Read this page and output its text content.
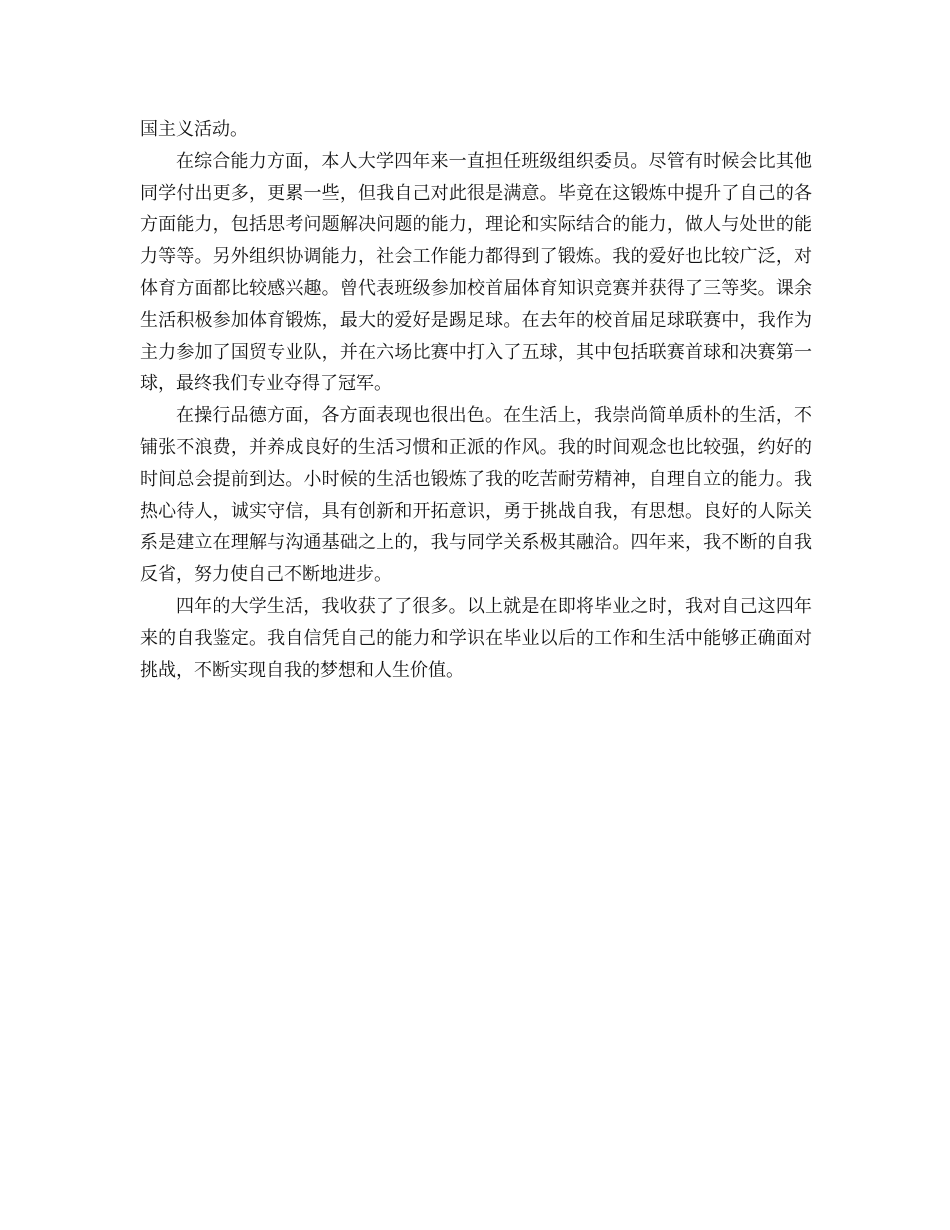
国主义活动。

在综合能力方面，本人大学四年来一直担任班级组织委员。尽管有时候会比其他同学付出更多，更累一些，但我自己对此很是满意。毕竟在这锻炼中提升了自己的各方面能力，包括思考问题解决问题的能力，理论和实际结合的能力，做人与处世的能力等等。另外组织协调能力，社会工作能力都得到了锻炼。我的爱好也比较广泛，对体育方面都比较感兴趣。曾代表班级参加校首届体育知识竞赛并获得了三等奖。课余生活积极参加体育锻炼，最大的爱好是踢足球。在去年的校首届足球联赛中，我作为主力参加了国贸专业队，并在六场比赛中打入了五球，其中包括联赛首球和决赛第一球，最终我们专业夺得了冠军。

在操行品德方面，各方面表现也很出色。在生活上，我崇尚简单质朴的生活，不铺张不浪费，并养成良好的生活习惯和正派的作风。我的时间观念也比较强，约好的时间总会提前到达。小时候的生活也锻炼了我的吃苦耐劳精神，自理自立的能力。我热心待人，诚实守信，具有创新和开拓意识，勇于挑战自我，有思想。良好的人际关系是建立在理解与沟通基础之上的，我与同学关系极其融洽。四年来，我不断的自我反省，努力使自己不断地进步。

四年的大学生活，我收获了了很多。以上就是在即将毕业之时，我对自己这四年来的自我鉴定。我自信凭自己的能力和学识在毕业以后的工作和生活中能够正确面对挑战，不断实现自我的梦想和人生价值。
